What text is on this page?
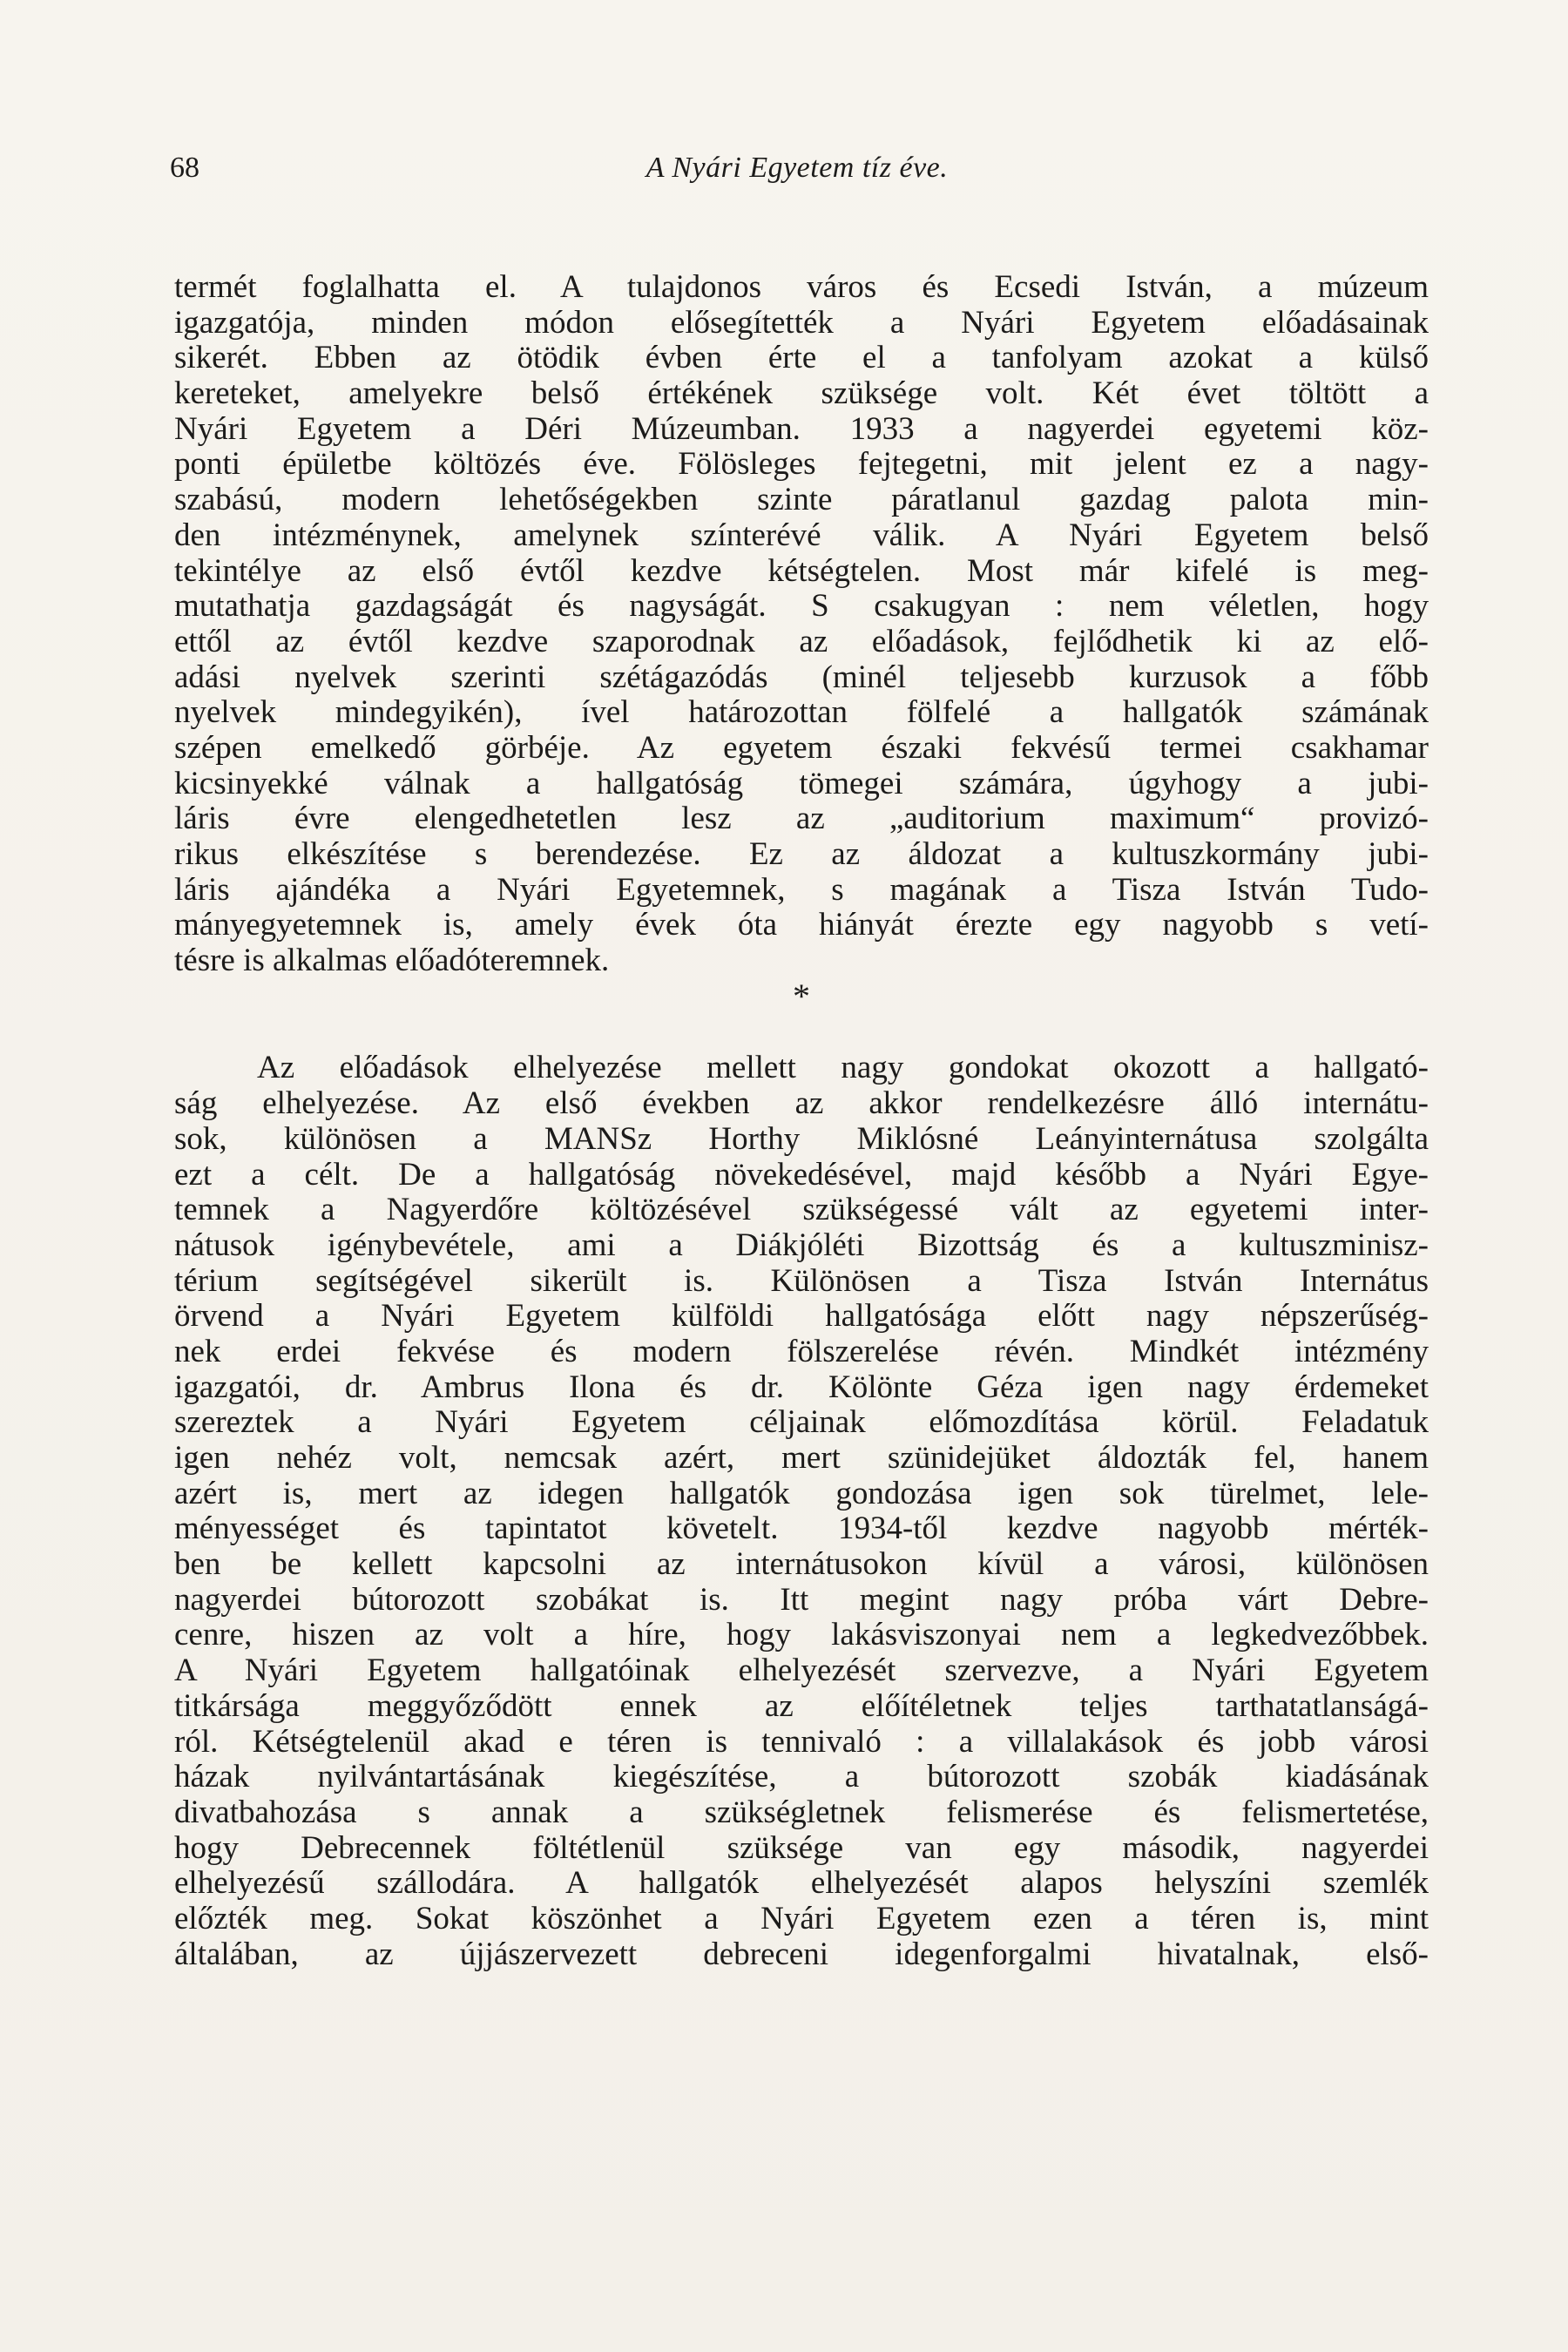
68	A Nyári Egyetem tíz éve.
termét foglalhatta el. A tulajdonos város és Ecsedi István, a múzeum
igazgatója, minden módon elősegítették a Nyári Egyetem előadásainak
sikerét. Ebben az ötödik évben érte el a tanfolyam azokat a külső
kereteket, amelyekre belső értékének szüksége volt. Két évet töltött a
Nyári Egyetem a Déri Múzeumban. 1933 a nagyerdei egyetemi köz-
ponti épületbe költözés éve. Fölösleges fejtegetni, mit jelent ez a nagy-
szabású, modern lehetőségekben szinte páratlanul gazdag palota min-
den intézménynek, amelynek színterévé válik. A Nyári Egyetem belső
tekintélye az első évtől kezdve kétségtelen. Most már kifelé is meg-
mutathatja gazdagságát és nagyságát. S csakugyan : nem véletlen, hogy
ettől az évtől kezdve szaporodnak az előadások, fejlődhetik ki az elő-
adási nyelvek szerinti szétágazódás (minél teljesebb kurzusok a főbb
nyelvek mindegyikén), ível határozottan fölfelé a hallgatók számának
szépen emelkedő görbéje. Az egyetem északi fekvésű termei csakhamar
kicsinyekké válnak a hallgatóság tömegei számára, úgyhogy a jubi-
láris évre elengedhetetlen lesz az „auditorium maximum“ provizó-
rikus elkészítése s berendezése. Ez az áldozat a kultuszkormány jubi-
láris ajándéka a Nyári Egyetemnek, s magának a Tisza István Tudo-
mányegyetemnek is, amely évek óta hiányát érezte egy nagyobb s vetí-
tésre is alkalmas előadóteremnek.
*
Az előadások elhelyezése mellett nagy gondokat okozott a hallgató-
ság elhelyezése. Az első években az akkor rendelkezésre álló internátu-
sok, különösen a MANSz Horthy Miklósné Leányinternátusa szolgálta
ezt a célt. De a hallgatóság növekedésével, majd később a Nyári Egye-
temnek a Nagyerdőre költözésével szükségessé vált az egyetemi inter-
nátusok igénybevétele, ami a Diákjóléti Bizottság és a kultuszminisz-
térium segítségével sikerült is. Különösen a Tisza István Internátus
örvend a Nyári Egyetem külföldi hallgatósága előtt nagy népszerűség-
nek erdei fekvése és modern fölszerelése révén. Mindkét intézmény
igazgatói, dr. Ambrus Ilona és dr. Kölönte Géza igen nagy érdemeket
szereztek a Nyári Egyetem céljainak előmozdítása körül. Feladatuk
igen nehéz volt, nemcsak azért, mert szünidejüket áldozták fel, hanem
azért is, mert az idegen hallgatók gondozása igen sok türelmet, lele-
ményességet és tapintatot követelt. 1934-től kezdve nagyobb mérték-
ben be kellett kapcsolni az internátusokon kívül a városi, különösen
nagyerdei bútorozott szobákat is. Itt megint nagy próba várt Debre-
cenre, hiszen az volt a híre, hogy lakásviszonyai nem a legkedvezőbbek.
A Nyári Egyetem hallgatóinak elhelyezését szervezve, a Nyári Egyetem
titkársága meggyőződött ennek az előítéletnek teljes tarthatatlanságá-
ról. Kétségtelenül akad e téren is tennivaló : a villalakások és jobb városi
házak nyilvántartásának kiegészítése, a bútorozott szobák kiadásának
divatbahozása s annak a szükségletnek felismerése és felismertetése,
hogy Debrecennek föltétlenül szüksége van egy második, nagyerdei
elhelyezésű szállodára. A hallgatók elhelyezését alapos helyszíni szemlék
előzték meg. Sokat köszönhet a Nyári Egyetem ezen a téren is, mint
általában, az újjászervezett debreceni idegenforgalmi hivatalnak, első-
